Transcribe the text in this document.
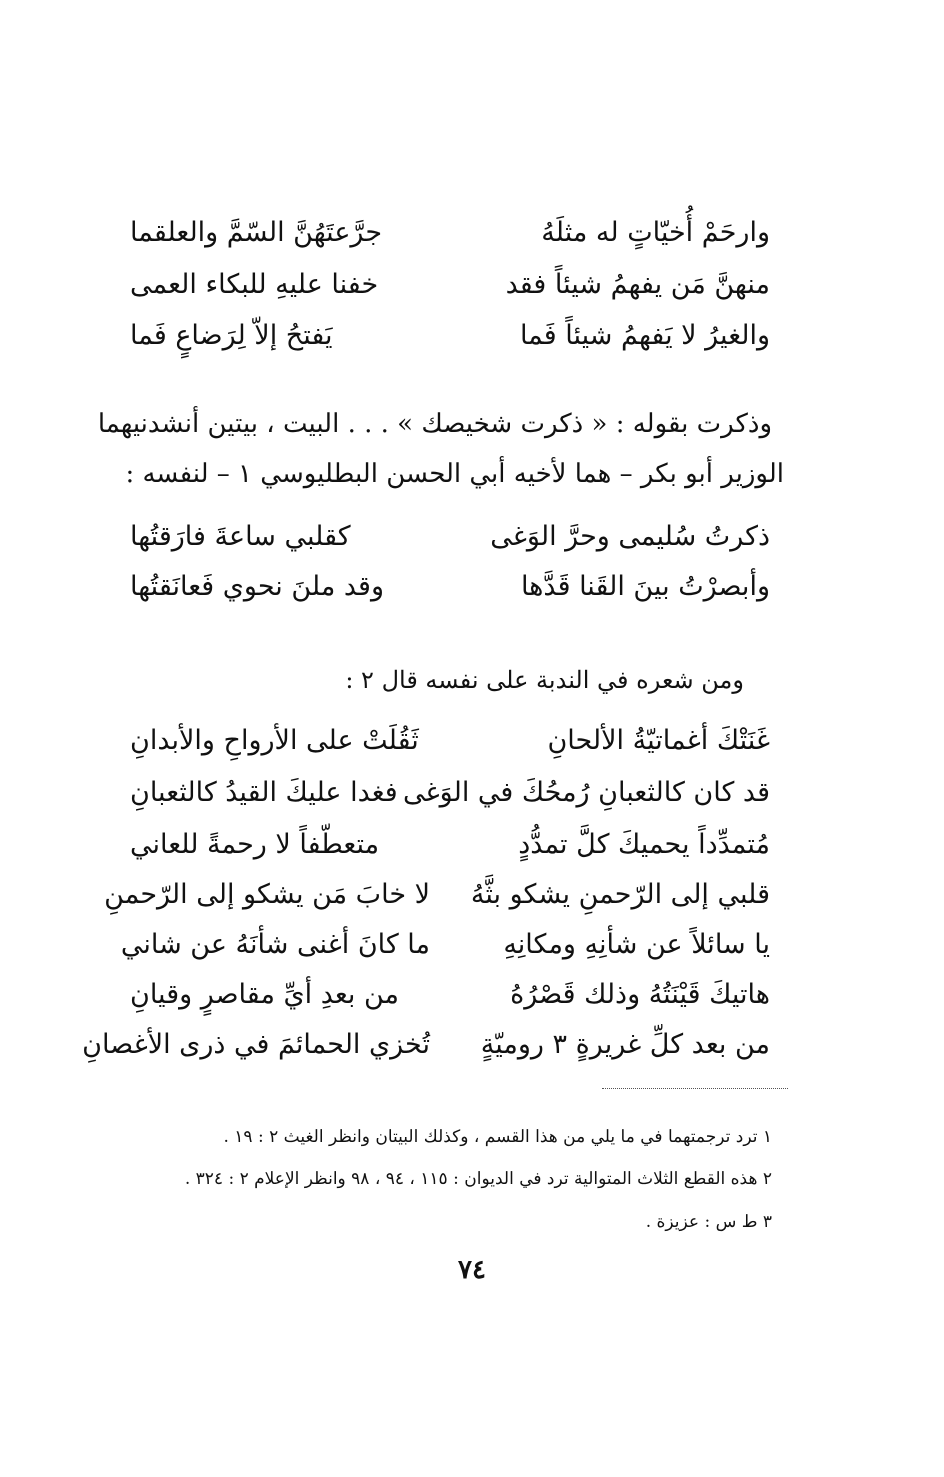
وارحَمْ أُخيّاتٍ له مثلَهُ
جرَّعتَهُنَّ السّمَّ والعلقما
منهنَّ مَن يفهمُ شيئاً فقد
خفنا عليهِ للبكاء العمى
والغيرُ لا يَفهمُ شيئاً فَما
يَفتحُ إلاّ لِرَضاعٍ فَما
وذكرت بقوله : « ذكرت شخيصك » . . . البيت ، بيتين أنشدنيهما
الوزير أبو بكر – هما لأخيه أبي الحسن البطليوسي ١ – لنفسه :
ذكرتُ سُليمى وحرَّ الوَغى
كقلبي ساعةَ فارَقتُها
وأبصرْتُ بينَ القَنا قَدَّها
وقد ملنَ نحوي فَعانَقتُها
ومن شعره في الندبة على نفسه قال ٢ :
غَنَتْكَ أغماتيّةُ الألحانِ
ثَقُلَتْ على الأرواحِ والأبدانِ
قد كان كالثعبانِ رُمحُكَ في الوَغى
فغدا عليكَ القيدُ كالثعبانِ
مُتمدِّداً يحميكَ كلَّ تمدُّدٍ
متعطّفاً لا رحمةً للعاني
قلبي إلى الرّحمنِ يشكو بثَّهُ
لا خابَ مَن يشكو إلى الرّحمنِ
يا سائلاً عن شأنِهِ ومكانِهِ
ما كانَ أغنى شأنَهُ عن شاني
هاتيكَ قَيْنَتُهُ وذلك قَصْرُهُ
من بعدِ أيِّ مقاصرٍ وقيانِ
من بعد كلِّ غريرةٍ ٣ روميّةٍ
تُخزي الحمائمَ في ذرى الأغصانِ
١ ترد ترجمتهما في ما يلي من هذا القسم ، وكذلك البيتان وانظر الغيث ٢ : ١٩ .
٢ هذه القطع الثلاث المتوالية ترد في الديوان : ١١٥ ، ٩٤ ، ٩٨ وانظر الإعلام ٢ : ٣٢٤ .
٣ ط س : عزيزة .
٧٤
